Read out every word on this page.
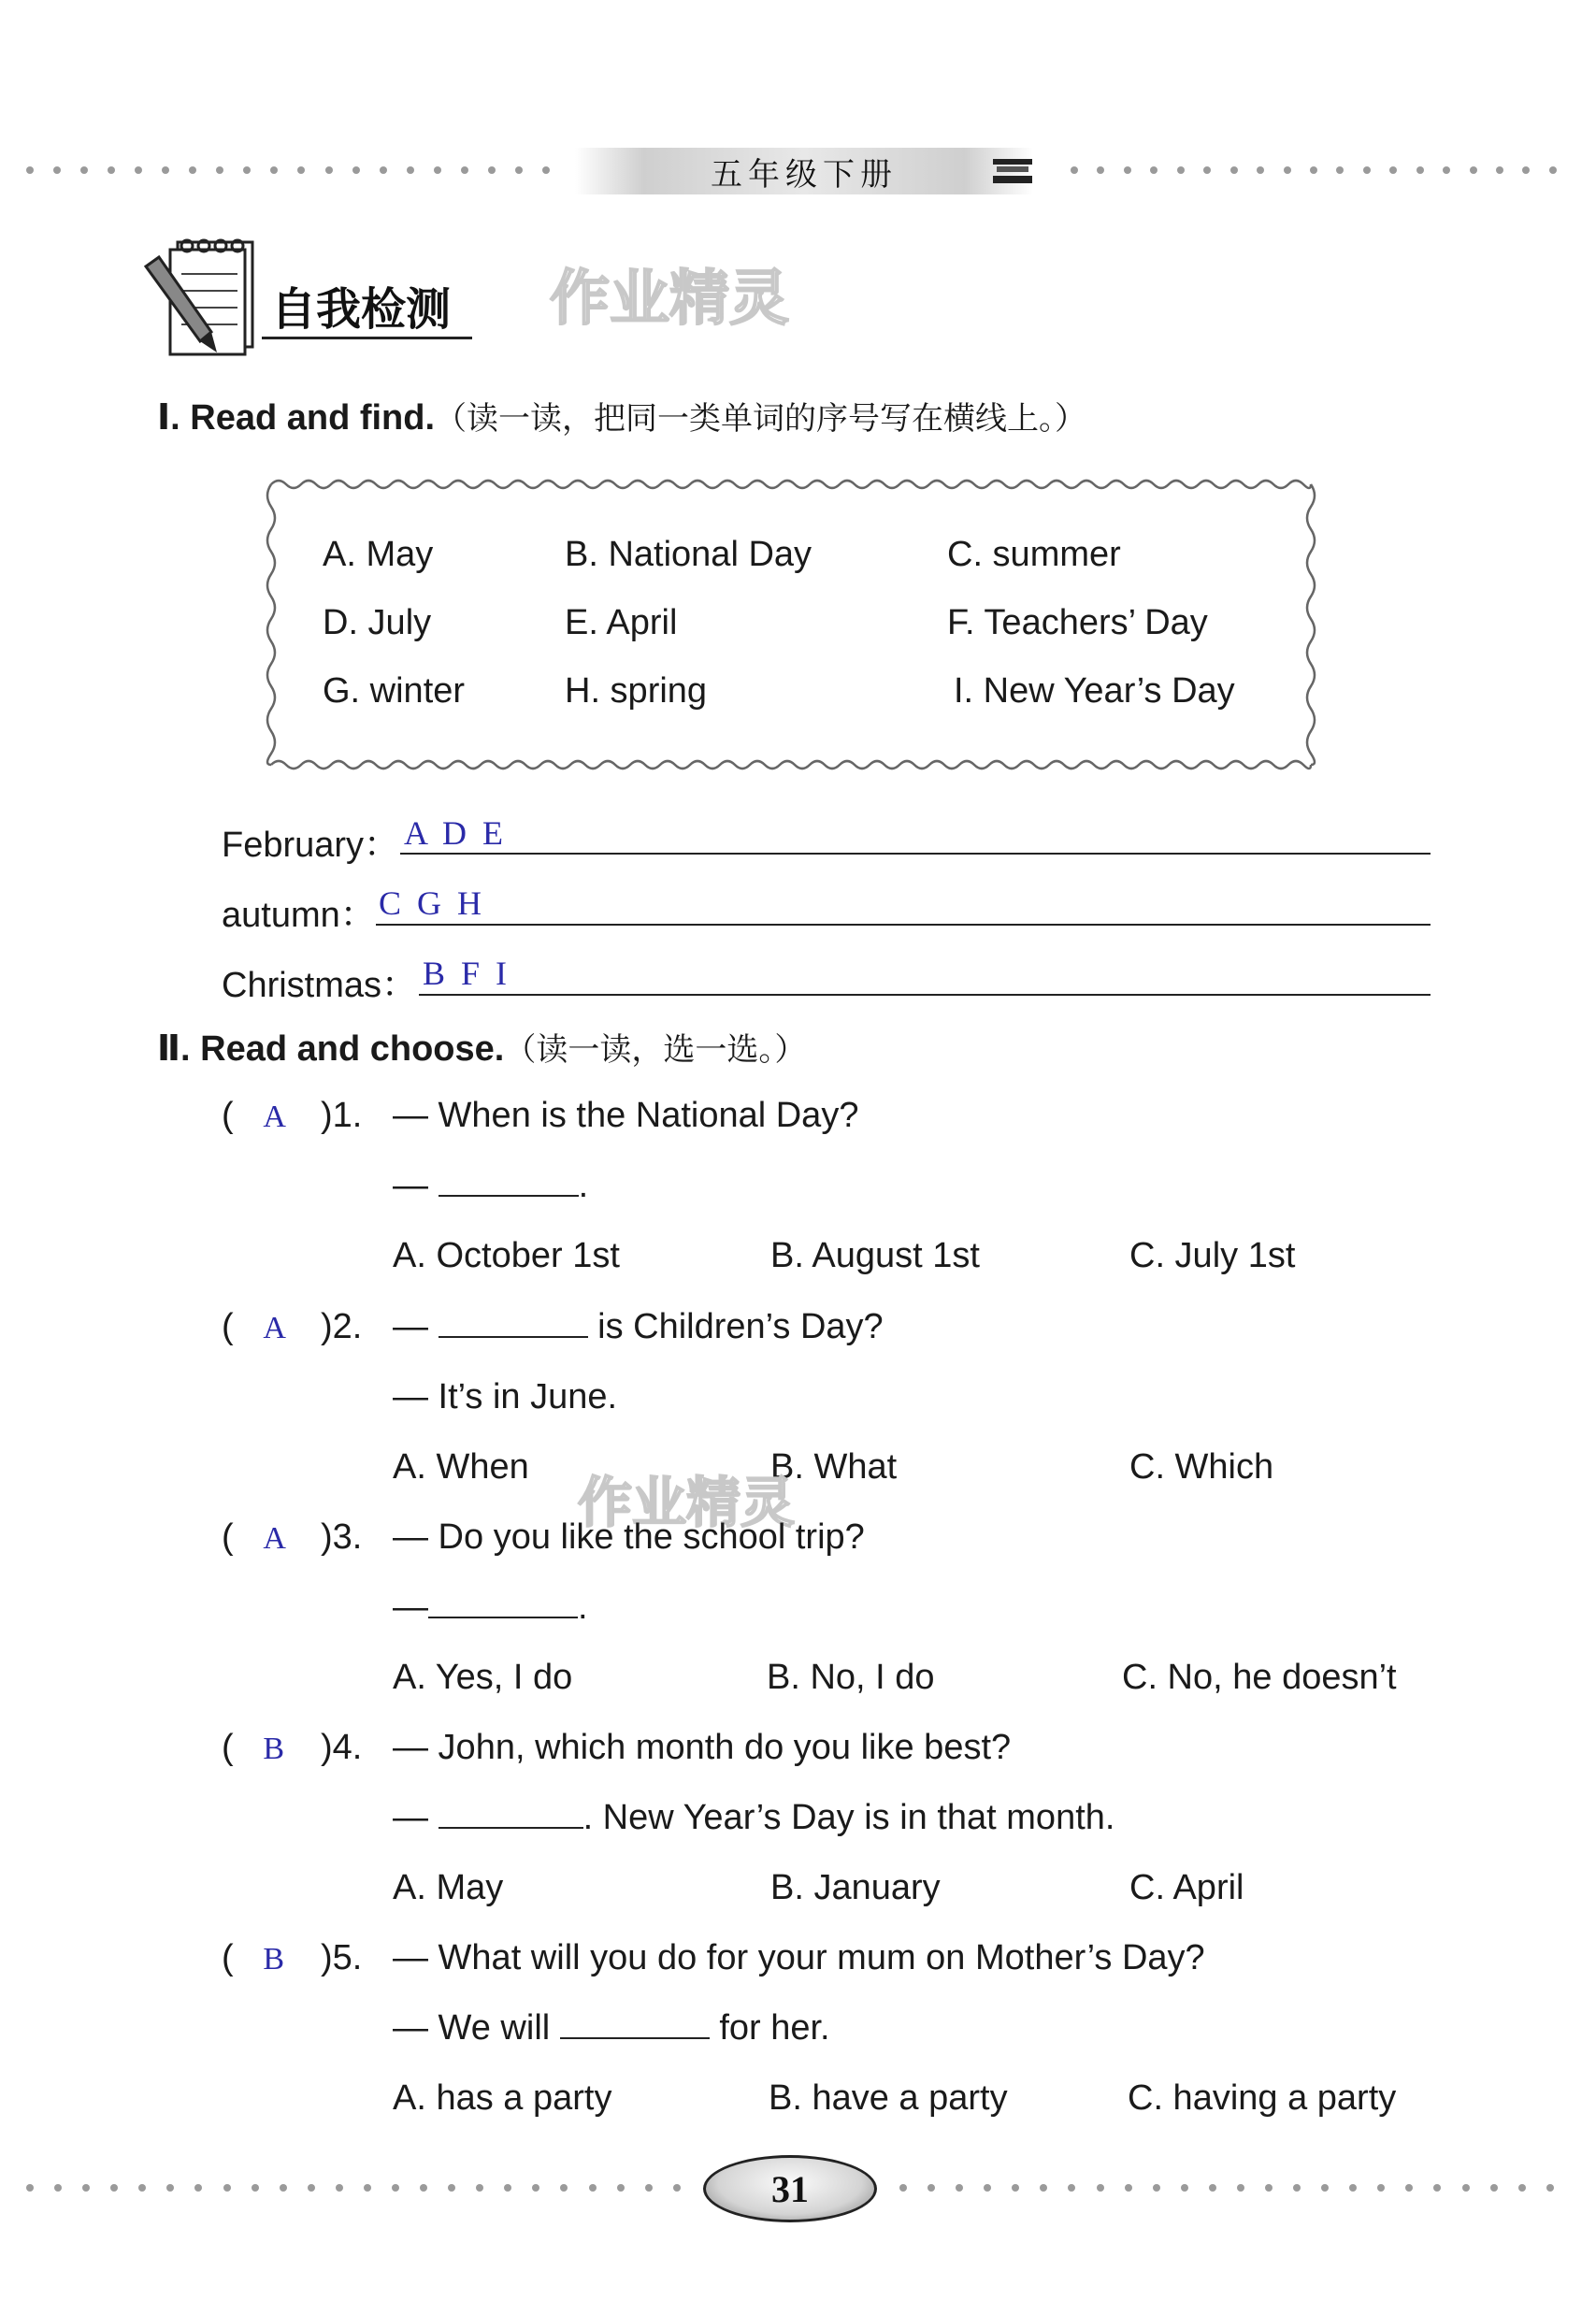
五年级下册
自我检测 作业精灵
Ⅰ. Read and find.（读一读，把同一类单词的序号写在横线上。）
A. May	B. National Day	C. summer
D. July	E. April	F. Teachers’ Day
G. winter	H. spring	I. New Year’s Day
February： A D E
autumn： C G H
Christmas： B F I
Ⅱ. Read and choose.（读一读，选一选。）
(   A )1. — When is the National Day?
—	.
A. October 1st	B. August 1st	C. July 1st
(   A )2. —	is Children’s Day?
— It’s in June.
A. When	B. What	C. Which
作业精灵
(   A )3. — Do you like the school trip?
—	.
A. Yes, I do	B. No, I do	C. No, he doesn’t
(   B	)4. — John, which month do you like best?
—	. New Year’s Day is in that month.
A. May	B. January	C. April
(   B	)5. — What will you do for your mum on Mother’s Day?
— We will	for her.
A. has a party	B. have a party	C. having a party
31
